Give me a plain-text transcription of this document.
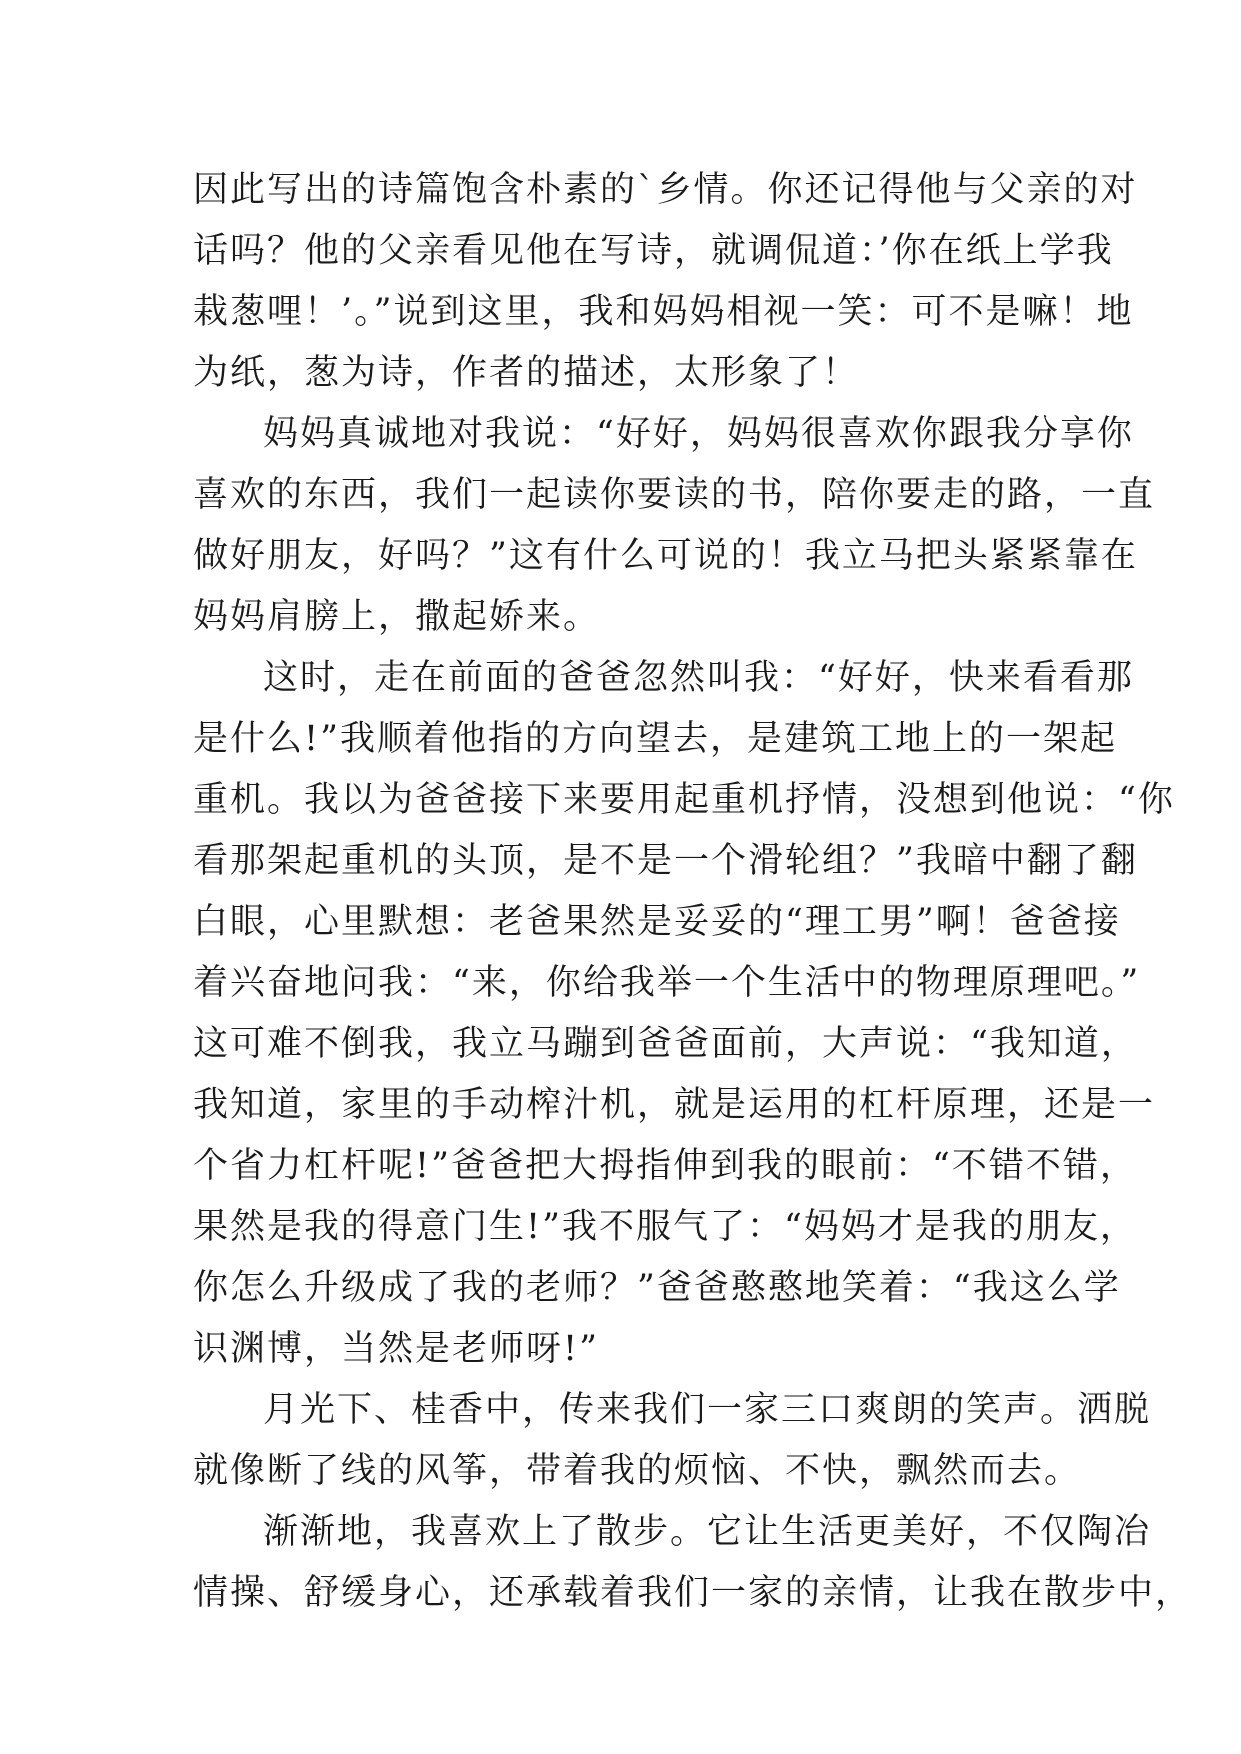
因此写出的诗篇饱含朴素的`乡情。你还记得他与父亲的对
话吗？他的父亲看见他在写诗，就调侃道：’你在纸上学我
栽葱哩！’。”说到这里，我和妈妈相视一笑：可不是嘛！地
为纸，葱为诗，作者的描述，太形象了！
妈妈真诚地对我说：“好好，妈妈很喜欢你跟我分享你
喜欢的东西，我们一起读你要读的书，陪你要走的路，一直
做好朋友，好吗？”这有什么可说的！我立马把头紧紧靠在
妈妈肩膀上，撒起娇来。
这时，走在前面的爸爸忽然叫我：“好好，快来看看那
是什么!”我顺着他指的方向望去，是建筑工地上的一架起
重机。我以为爸爸接下来要用起重机抒情，没想到他说：“你
看那架起重机的头顶，是不是一个滑轮组？”我暗中翻了翻
白眼，心里默想：老爸果然是妥妥的“理工男”啊！爸爸接
着兴奋地问我：“来，你给我举一个生活中的物理原理吧。”
这可难不倒我，我立马蹦到爸爸面前，大声说：“我知道，
我知道，家里的手动榨汁机，就是运用的杠杆原理，还是一
个省力杠杆呢!”爸爸把大拇指伸到我的眼前：“不错不错，
果然是我的得意门生!”我不服气了：“妈妈才是我的朋友，
你怎么升级成了我的老师？”爸爸憨憨地笑着：“我这么学
识渊博，当然是老师呀!”
月光下、桂香中，传来我们一家三口爽朗的笑声。洒脱
就像断了线的风筝，带着我的烦恼、不快，飘然而去。
渐渐地，我喜欢上了散步。它让生活更美好，不仅陶冶
情操、舒缓身心，还承载着我们一家的亲情，让我在散步中，
